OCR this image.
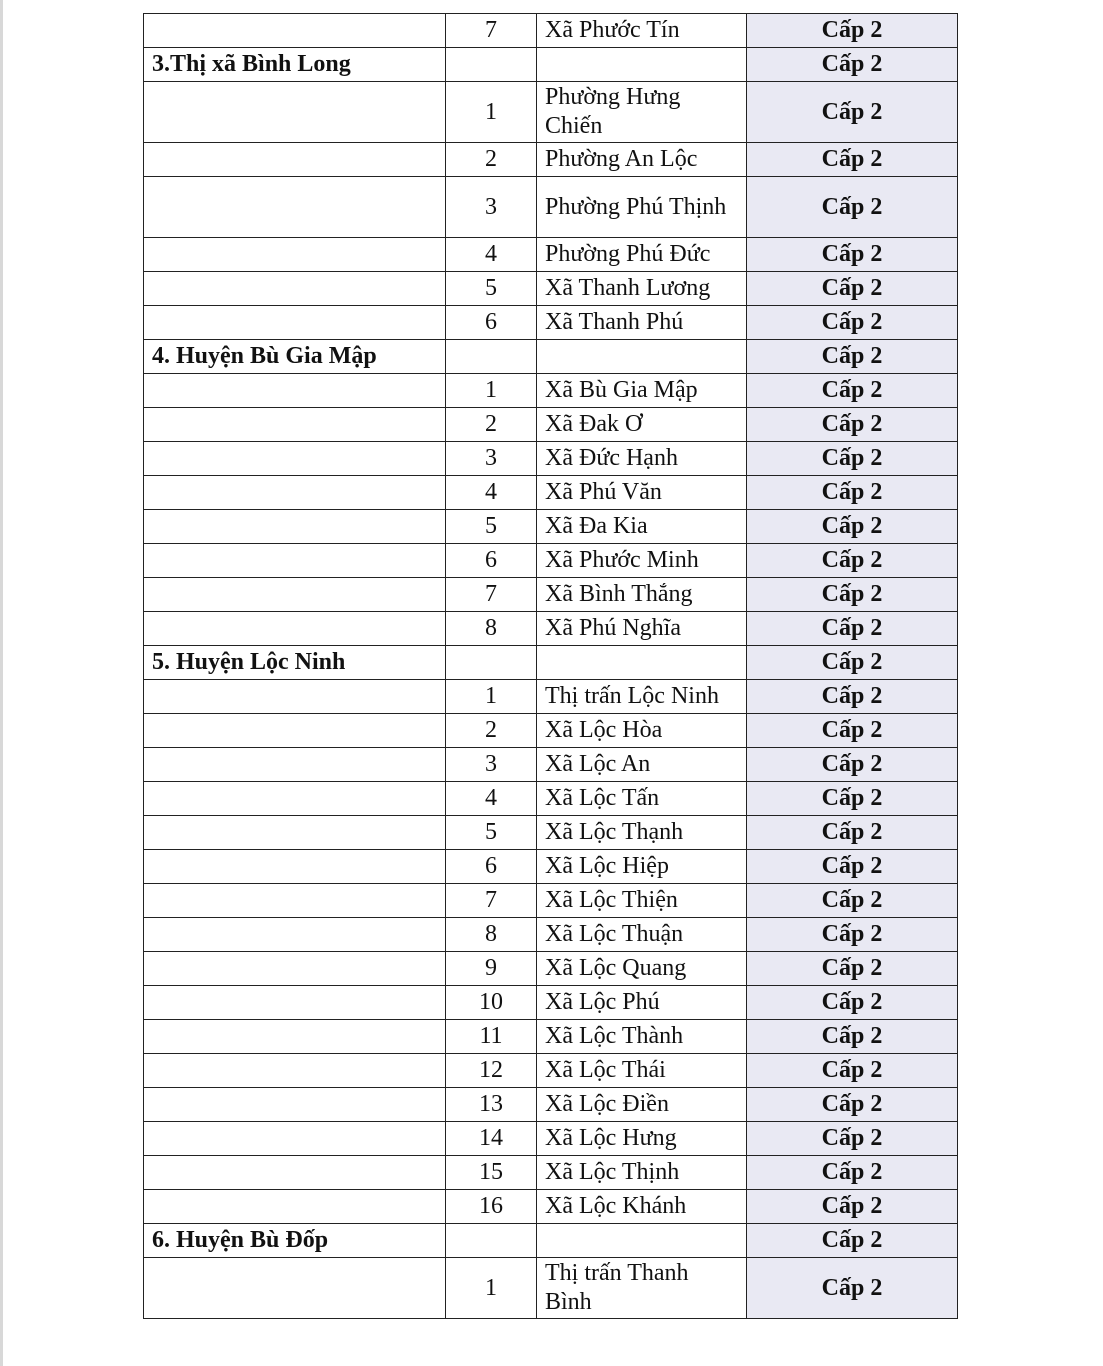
	7	Xã Phước Tín	Cấp 2
3.Thị xã Bình Long			Cấp 2
	1	Phường Hưng Chiến	Cấp 2
	2	Phường An Lộc	Cấp 2
	3	Phường Phú Thịnh	Cấp 2
	4	Phường Phú Đức	Cấp 2
	5	Xã Thanh Lương	Cấp 2
	6	Xã Thanh Phú	Cấp 2
4. Huyện Bù Gia Mập			Cấp 2
	1	Xã Bù Gia Mập	Cấp 2
	2	Xã Đak Ơ	Cấp 2
	3	Xã Đức Hạnh	Cấp 2
	4	Xã Phú Văn	Cấp 2
	5	Xã Đa Kia	Cấp 2
	6	Xã Phước Minh	Cấp 2
	7	Xã Bình Thắng	Cấp 2
	8	Xã Phú Nghĩa	Cấp 2
5. Huyện Lộc Ninh			Cấp 2
	1	Thị trấn Lộc Ninh	Cấp 2
	2	Xã Lộc Hòa	Cấp 2
	3	Xã Lộc An	Cấp 2
	4	Xã Lộc Tấn	Cấp 2
	5	Xã Lộc Thạnh	Cấp 2
	6	Xã Lộc Hiệp	Cấp 2
	7	Xã Lộc Thiện	Cấp 2
	8	Xã Lộc Thuận	Cấp 2
	9	Xã Lộc Quang	Cấp 2
	10	Xã Lộc Phú	Cấp 2
	11	Xã Lộc Thành	Cấp 2
	12	Xã Lộc Thái	Cấp 2
	13	Xã Lộc Điền	Cấp 2
	14	Xã Lộc Hưng	Cấp 2
	15	Xã Lộc Thịnh	Cấp 2
	16	Xã Lộc Khánh	Cấp 2
6. Huyện Bù Đốp			Cấp 2
	1	Thị trấn Thanh Bình	Cấp 2
